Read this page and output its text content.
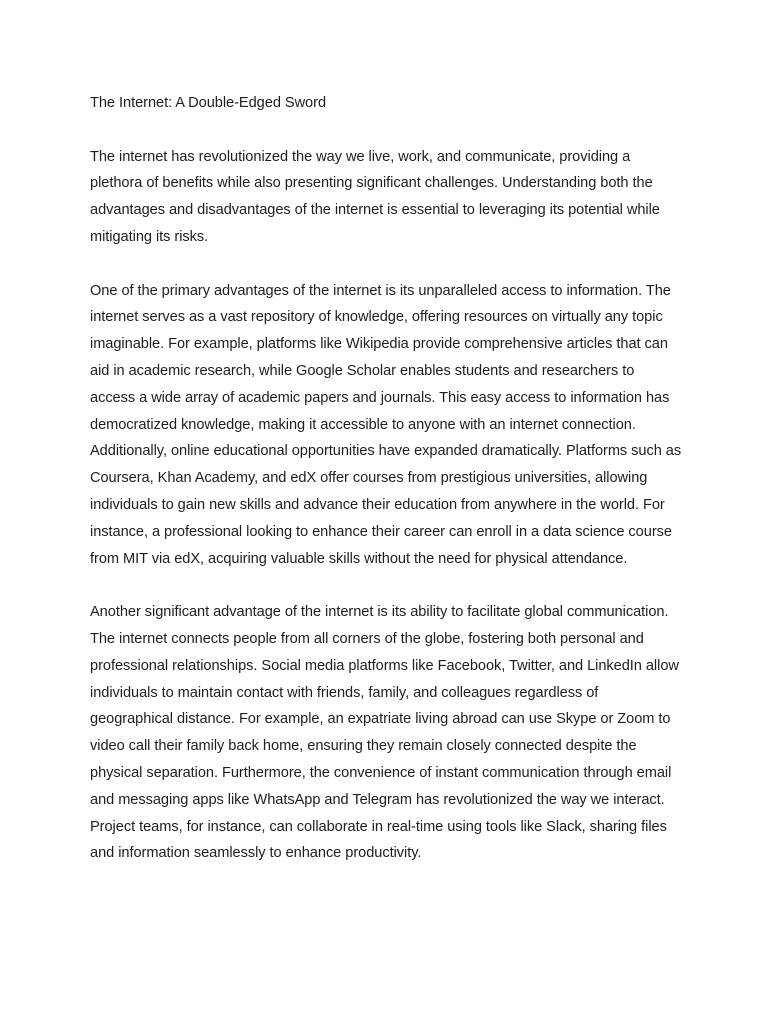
The Internet: A Double-Edged Sword

The internet has revolutionized the way we live, work, and communicate, providing a plethora of benefits while also presenting significant challenges. Understanding both the advantages and disadvantages of the internet is essential to leveraging its potential while mitigating its risks.

One of the primary advantages of the internet is its unparalleled access to information. The internet serves as a vast repository of knowledge, offering resources on virtually any topic imaginable. For example, platforms like Wikipedia provide comprehensive articles that can aid in academic research, while Google Scholar enables students and researchers to access a wide array of academic papers and journals. This easy access to information has democratized knowledge, making it accessible to anyone with an internet connection. Additionally, online educational opportunities have expanded dramatically. Platforms such as Coursera, Khan Academy, and edX offer courses from prestigious universities, allowing individuals to gain new skills and advance their education from anywhere in the world. For instance, a professional looking to enhance their career can enroll in a data science course from MIT via edX, acquiring valuable skills without the need for physical attendance.

Another significant advantage of the internet is its ability to facilitate global communication. The internet connects people from all corners of the globe, fostering both personal and professional relationships. Social media platforms like Facebook, Twitter, and LinkedIn allow individuals to maintain contact with friends, family, and colleagues regardless of geographical distance. For example, an expatriate living abroad can use Skype or Zoom to video call their family back home, ensuring they remain closely connected despite the physical separation. Furthermore, the convenience of instant communication through email and messaging apps like WhatsApp and Telegram has revolutionized the way we interact. Project teams, for instance, can collaborate in real-time using tools like Slack, sharing files and information seamlessly to enhance productivity.
